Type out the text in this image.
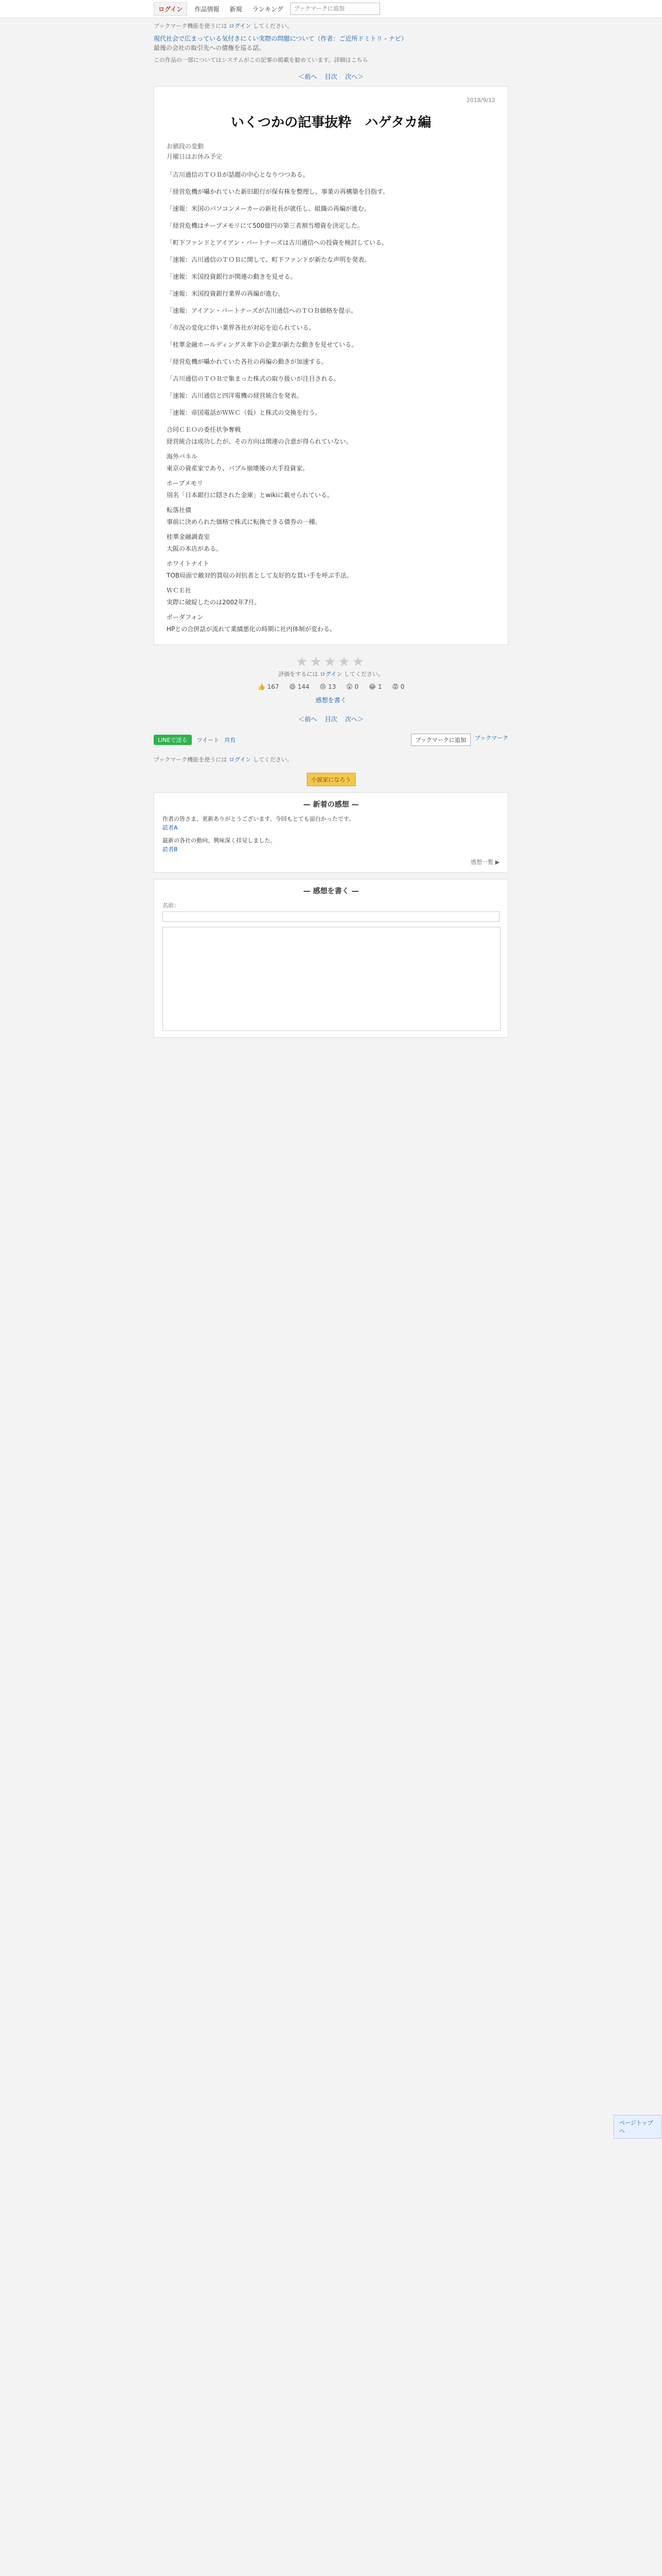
ログイン	作品情報	新規	ランキング
ブックマークに追加
ブックマーク機能を使うには ログイン してください。
現代社会で広まっている気付きにくい実際の問題について（作者：ご近所ドミトリ - ナビ）
最後の会社の取引先への債権を巡る話。
この作品の一部についてはシステムがこの記事の掲載を勧めています。詳細はこちら
＜前へ 目次 次へ＞
2018/9/12
いくつかの記事抜粋　ハゲタカ編
お値段の変動
月曜日はお休み予定

「古川通信のＴＯＢが話題の中心となりつつある。

「経営危機が囁かれていた新旧銀行が保有株を整理し、事業の再構築を目指す。

「速報：米国のパソコンメーカーの新社長が就任し、組織の再編が進む。

「経営危機はチープメモリにて500億円の第三者割当増資を決定した。

「町下ファンドとアイアン・パートナーズは古川通信への投資を検討している。

「速報：古川通信のＴＯＢに関して、町下ファンドが新たな声明を発表。

「速報：米国投資銀行が関連の動きを見せる。

「速報：米国投資銀行業界の再編が進む。

「速報：アイアン・パートナーズが古川通信へのＴＯＢ価格を提示。

「市況の変化に伴い業界各社が対応を迫られている。

「桂華金融ホールディングス傘下の企業が新たな動きを見せている。

「経営危機が囁かれていた各社の再編の動きが加速する。

「古川通信のＴＯＢで集まった株式の取り扱いが注目される。

「速報：古川通信と四洋電機の経営統合を発表。

「速報：帝国電話がＷＷＣ（仮）と株式の交換を行う。

合同ＣＥＯの委任状争奪戦
経営統合は成功したが、その方向は関連の合意が得られていない。
海外パネル
東京の資産家であり、バブル崩壊後の大手投資家。
ホープメモリ
別名「日本銀行に隠された金庫」とwikiに載せられている。
転落社債
事前に決められた価格で株式に転換できる債券の一種。
桂華金融調査室
大阪の本店がある。
ホワイトナイト
TOB局面で敵対的買収の対抗者として友好的な買い手を呼ぶ手法。
ＷＣＥ社
実際に破綻したのは2002年7月。
ボーダフォン
HPとの合併話が流れて業績悪化の時期に社内体制が変わる。
★★★★★
評価をするには ログイン してください。
👍 167 😄 144 😢 13 😮 0 😂 1 😡 0
感想を書く
＜前へ 目次 次へ＞
LINEで送る	ツイート 共有	ブックマークに追加	ブックマーク
ブックマーク機能を使うには ログイン してください。
小説家になろう
— 新着の感想 —
作者の皆さま、更新ありがとうございます。今回もとても面白かったです。
読者A
最新の各社の動向、興味深く拝見しました。
読者B
感想一覧 ▶
— 感想を書く —
名前：
ページトップへ
